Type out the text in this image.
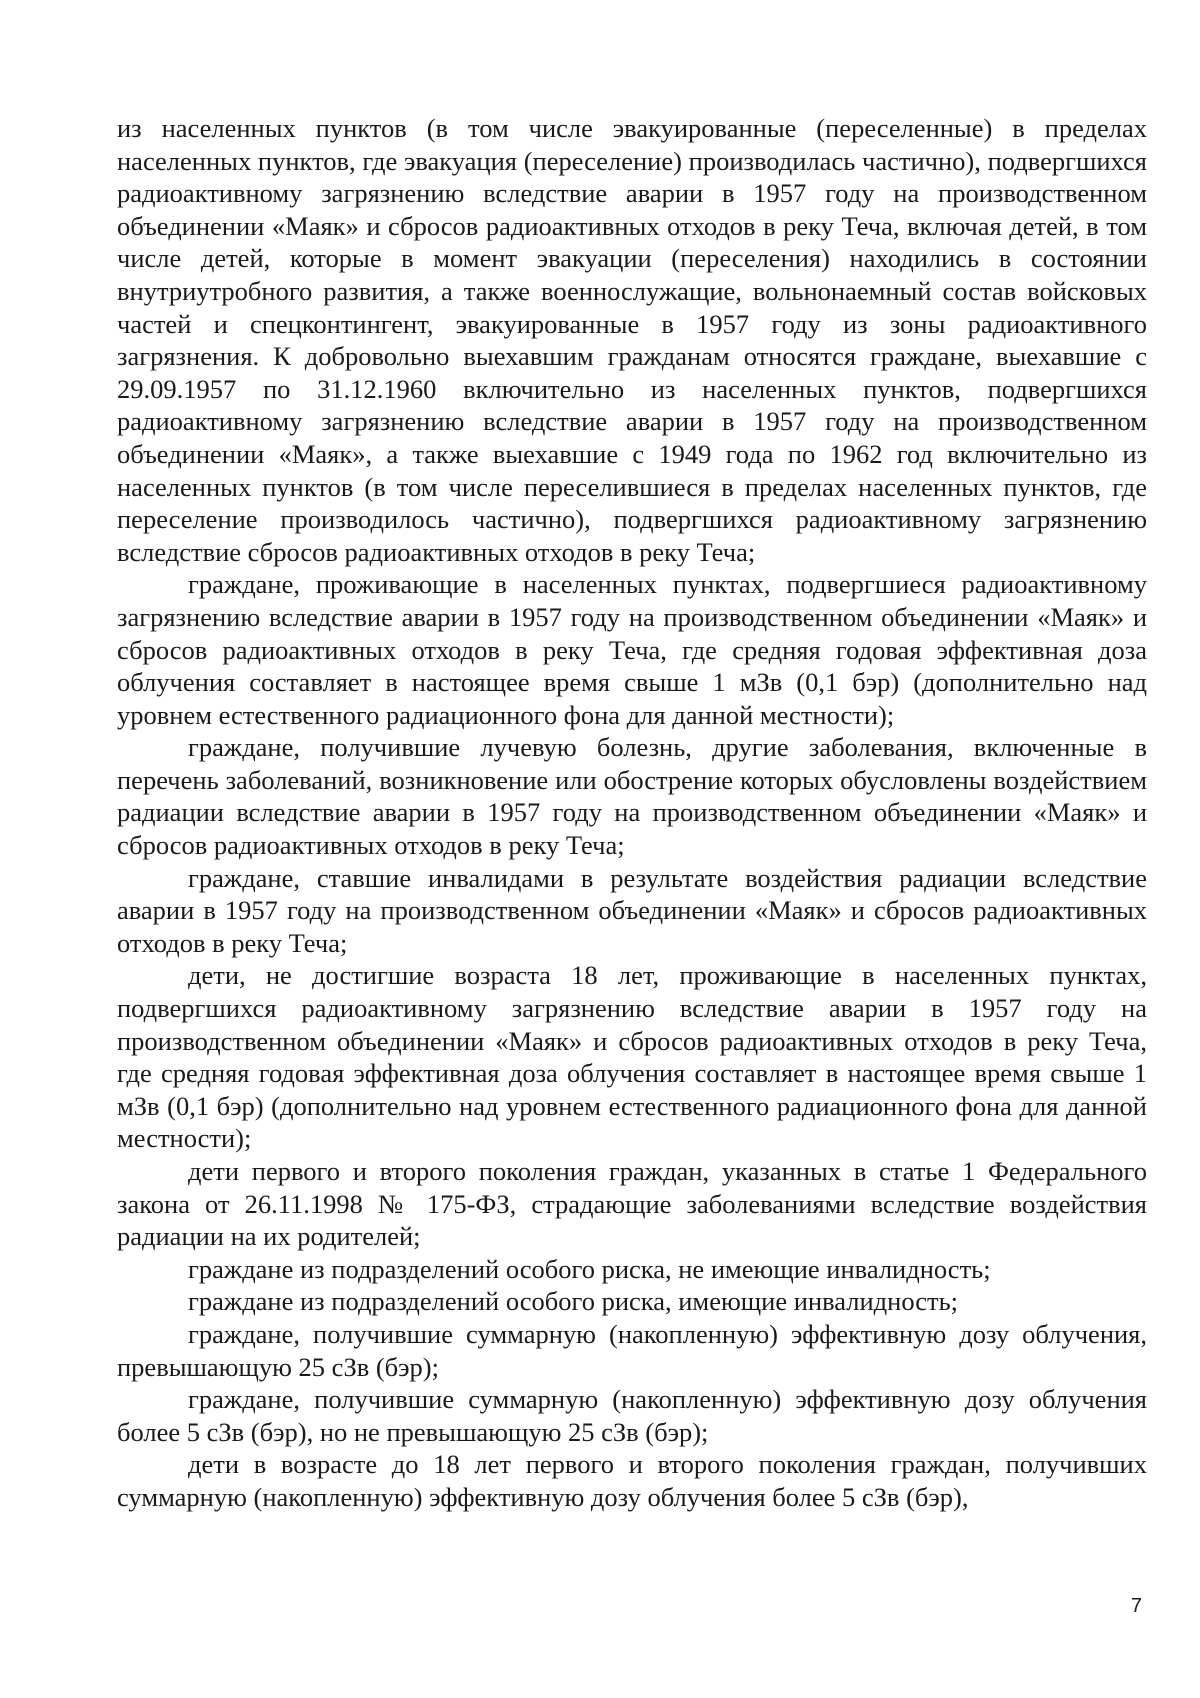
из населенных пунктов (в том числе эвакуированные (переселенные) в пределах населенных пунктов, где эвакуация (переселение) производилась частично), подвергшихся радиоактивному загрязнению вследствие аварии в 1957 году на производственном объединении «Маяк» и сбросов радиоактивных отходов в реку Теча, включая детей, в том числе детей, которые в момент эвакуации (переселения) находились в состоянии внутриутробного развития, а также военнослужащие, вольнонаемный состав войсковых частей и спецконтингент, эвакуированные в 1957 году из зоны радиоактивного загрязнения. К добровольно выехавшим гражданам относятся граждане, выехавшие с 29.09.1957 по 31.12.1960 включительно из населенных пунктов, подвергшихся радиоактивному загрязнению вследствие аварии в 1957 году на производственном объединении «Маяк», а также выехавшие с 1949 года по 1962 год включительно из населенных пунктов (в том числе переселившиеся в пределах населенных пунктов, где переселение производилось частично), подвергшихся радиоактивному загрязнению вследствие сбросов радиоактивных отходов в реку Теча;

граждане, проживающие в населенных пунктах, подвергшиеся радиоактивному загрязнению вследствие аварии в 1957 году на производственном объединении «Маяк» и сбросов радиоактивных отходов в реку Теча, где средняя годовая эффективная доза облучения составляет в настоящее время свыше 1 мЗв (0,1 бэр) (дополнительно над уровнем естественного радиационного фона для данной местности);

граждане, получившие лучевую болезнь, другие заболевания, включенные в перечень заболеваний, возникновение или обострение которых обусловлены воздействием радиации вследствие аварии в 1957 году на производственном объединении «Маяк» и сбросов радиоактивных отходов в реку Теча;

граждане, ставшие инвалидами в результате воздействия радиации вследствие аварии в 1957 году на производственном объединении «Маяк» и сбросов радиоактивных отходов в реку Теча;

дети, не достигшие возраста 18 лет, проживающие в населенных пунктах, подвергшихся радиоактивному загрязнению вследствие аварии в 1957 году на производственном объединении «Маяк» и сбросов радиоактивных отходов в реку Теча, где средняя годовая эффективная доза облучения составляет в настоящее время свыше 1 мЗв (0,1 бэр) (дополнительно над уровнем естественного радиационного фона для данной местности);

дети первого и второго поколения граждан, указанных в статье 1 Федерального закона от 26.11.1998 № 175-ФЗ, страдающие заболеваниями вследствие воздействия радиации на их родителей;

граждане из подразделений особого риска, не имеющие инвалидность;

граждане из подразделений особого риска, имеющие инвалидность;

граждане, получившие суммарную (накопленную) эффективную дозу облучения, превышающую 25 сЗв (бэр);

граждане, получившие суммарную (накопленную) эффективную дозу облучения более 5 сЗв (бэр), но не превышающую 25 сЗв (бэр);

дети в возрасте до 18 лет первого и второго поколения граждан, получивших суммарную (накопленную) эффективную дозу облучения более 5 сЗв (бэр),

7
